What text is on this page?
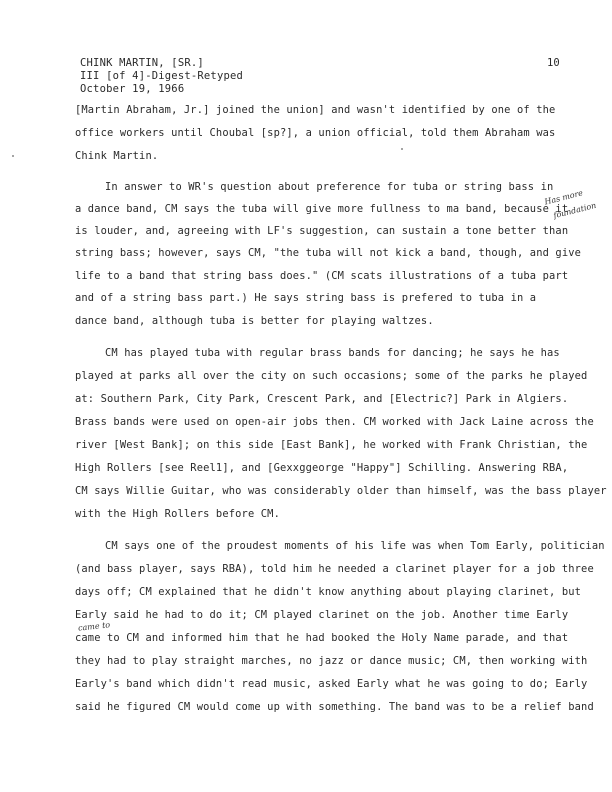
CHINK MARTIN, [SR.]
III [of 4]-Digest-Retyped
October 19, 1966
10
[Martin Abraham, Jr.] joined the union] and wasn't identified by one of the
office workers until Choubal [sp?], a union official, told them Abraham was
Chink Martin.
In answer to WR's question about preference for tuba or string bass in
a dance band, CM says the tuba will give more fullness to ma band, because it
is louder, and, agreeing with LF's suggestion, can sustain a tone better than
string bass; however, says CM, "the tuba will not kick a band, though, and give
life to a band that string bass does." (CM scats illustrations of a tuba part
and of a string bass part.) He says string bass is prefered to tuba in a
dance band, although tuba is better for playing waltzes.
CM has played tuba with regular brass bands for dancing; he says he has
played at parks all over the city on such occasions; some of the parks he played
at: Southern Park, City Park, Crescent Park, and [Electric?] Park in Algiers.
Brass bands were used on open-air jobs then. CM worked with Jack Laine across the
river [West Bank]; on this side [East Bank], he worked with Frank Christian, the
High Rollers [see Reel1], and [Gexxggeorge "Happy"] Schilling. Answering RBA,
CM says Willie Guitar, who was considerably older than himself, was the bass player
with the High Rollers before CM.
CM says one of the proudest moments of his life was when Tom Early, politician
(and bass player, says RBA), told him he needed a clarinet player for a job three
days off; CM explained that he didn't know anything about playing clarinet, but
Early said he had to do it; CM played clarinet on the job. Another time Early
came to CM and informed him that he had booked the Holy Name parade, and that
they had to play straight marches, no jazz or dance music; CM, then working with
Early's band which didn't read music, asked Early what he was going to do; Early
said he figured CM would come up with something. The band was to be a relief band
Has more
foundation
came to
